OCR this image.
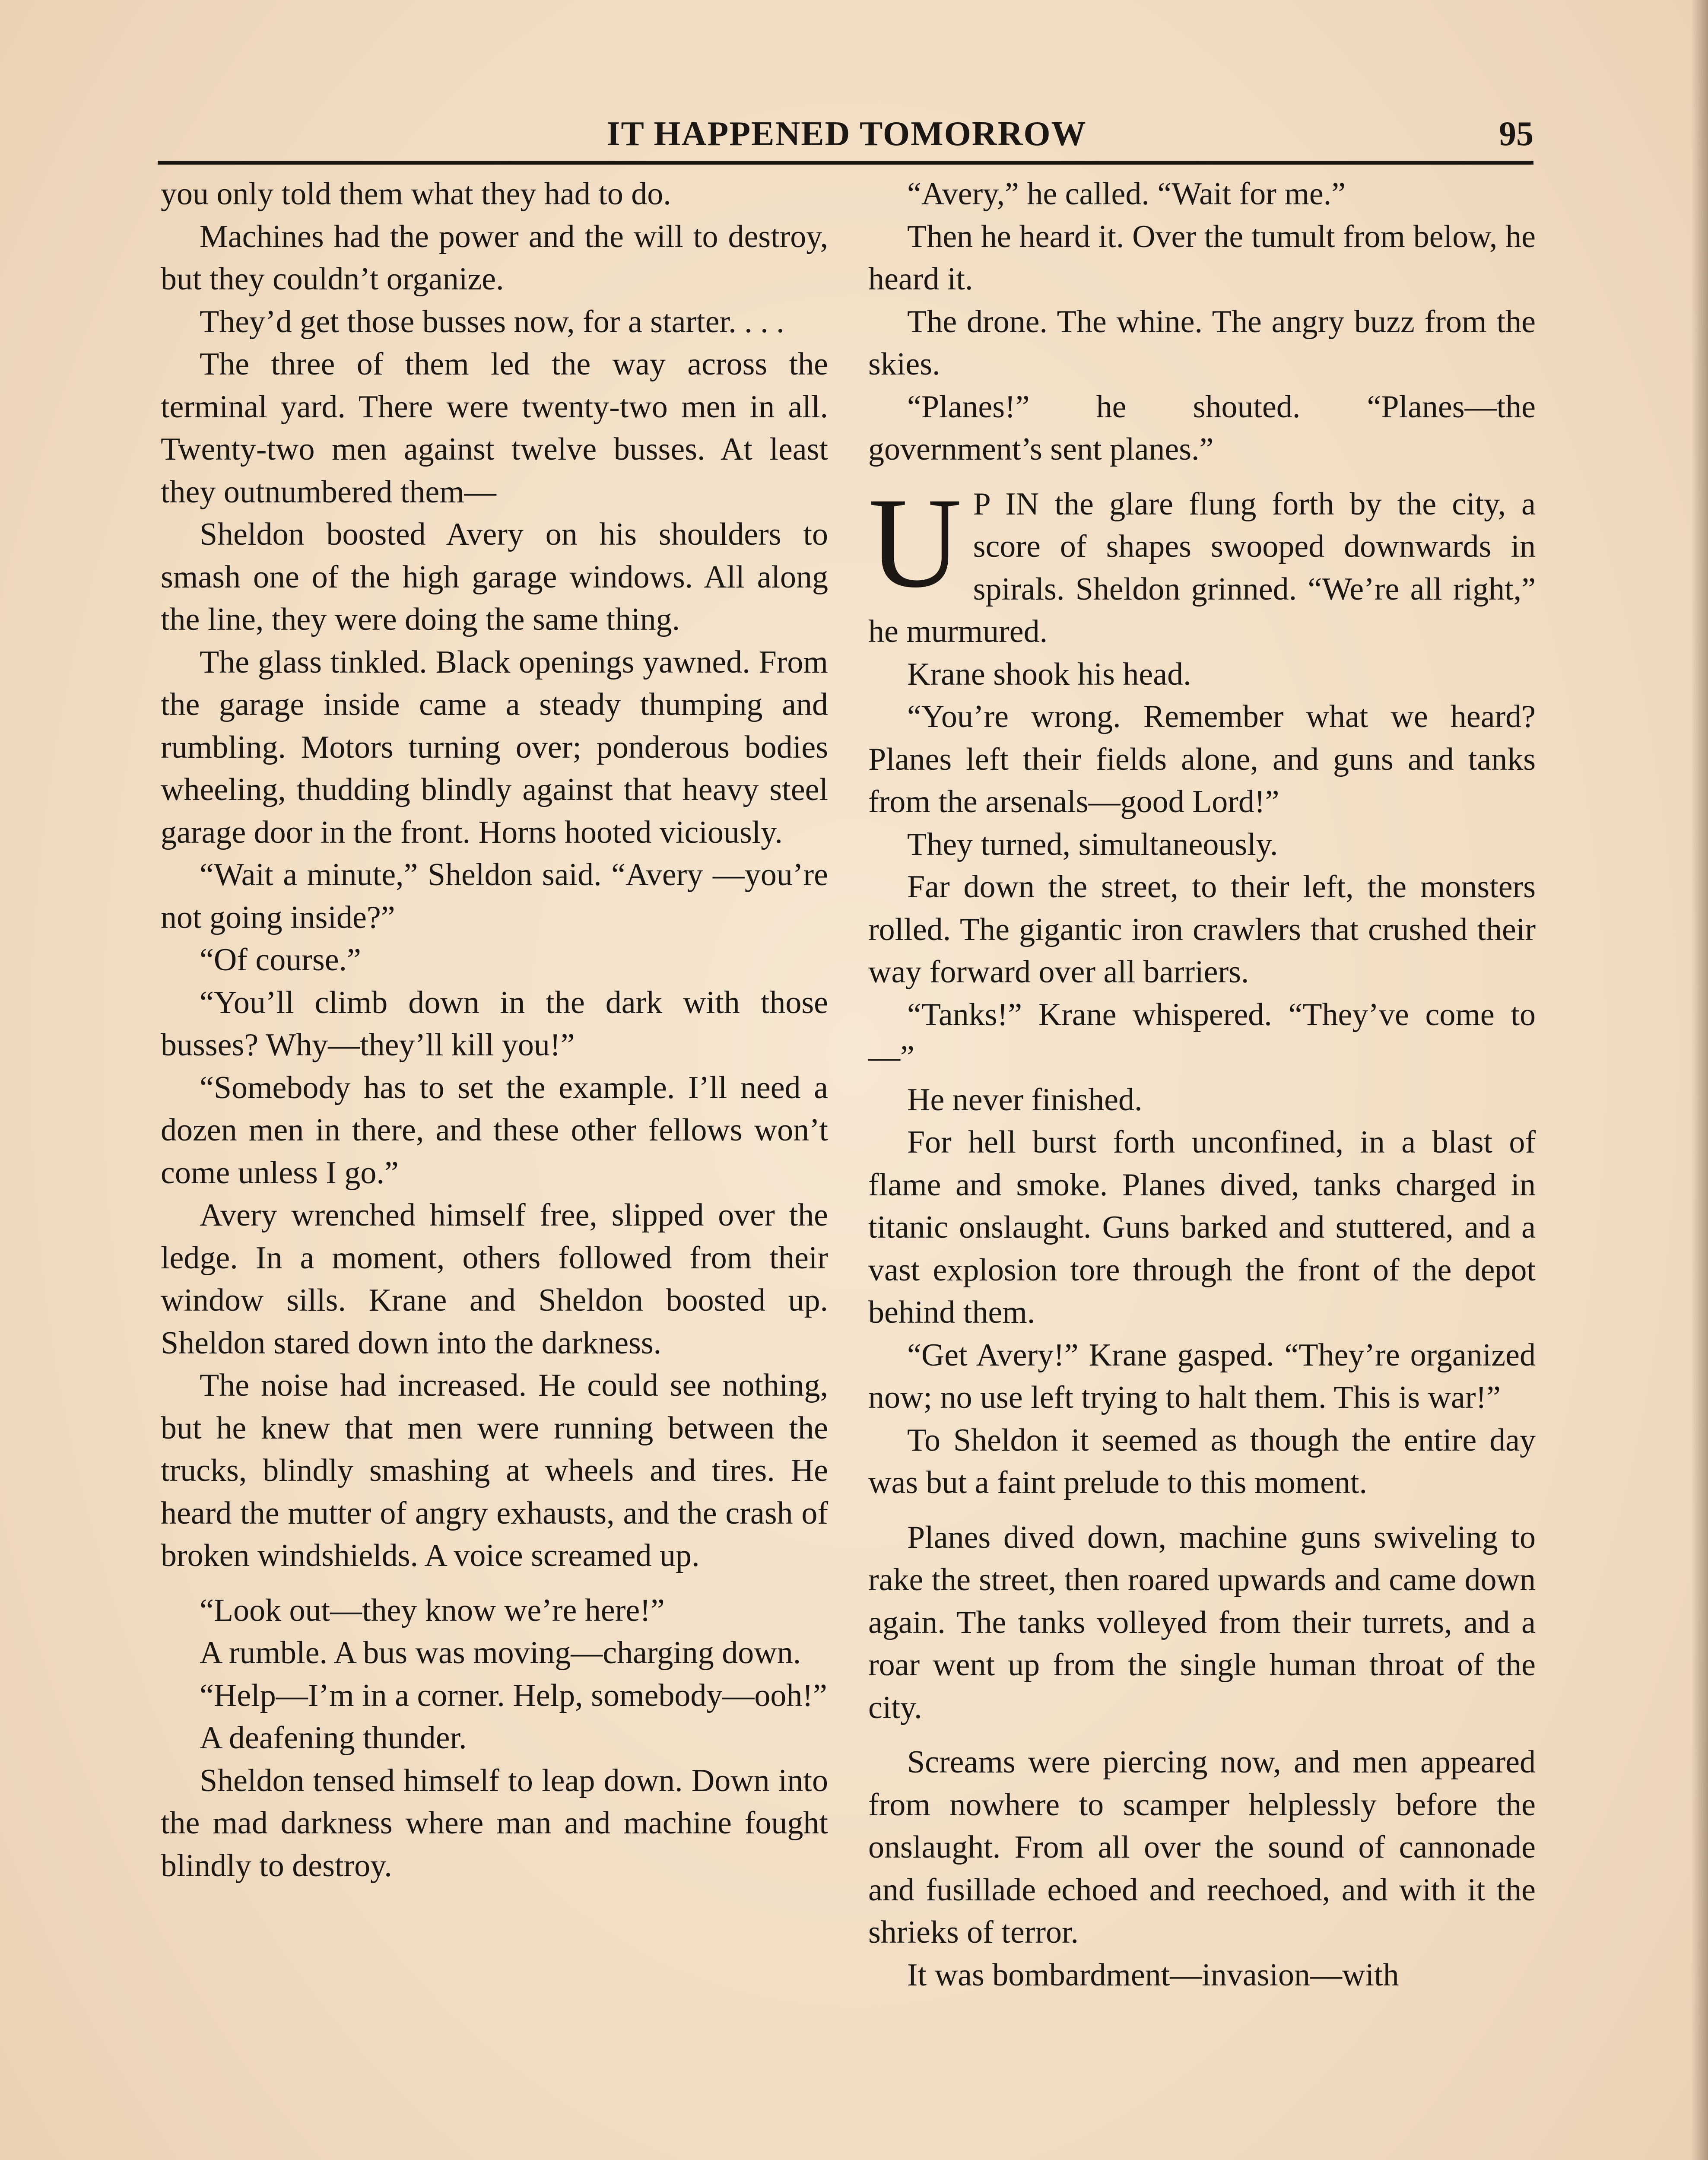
IT HAPPENED TOMORROW	95

you only told them what they had to do.

Machines had the power and the will to destroy, but they couldn’t organize.

They’d get those busses now, for a starter. . . .

The three of them led the way across the terminal yard. There were twenty-two men in all. Twenty-two men against twelve busses. At least they outnumbered them—

Sheldon boosted Avery on his shoulders to smash one of the high garage windows. All along the line, they were doing the same thing.

The glass tinkled. Black openings yawned. From the garage inside came a steady thumping and rumbling. Motors turning over; ponderous bodies wheeling, thudding blindly against that heavy steel garage door in the front. Horns hooted viciously.

“Wait a minute,” Sheldon said. “Avery —you’re not going inside?”

“Of course.”

“You’ll climb down in the dark with those busses? Why—they’ll kill you!”

“Somebody has to set the example. I’ll need a dozen men in there, and these other fellows won’t come unless I go.”

Avery wrenched himself free, slipped over the ledge. In a moment, others followed from their window sills. Krane and Sheldon boosted up. Sheldon stared down into the darkness.

The noise had increased. He could see nothing, but he knew that men were running between the trucks, blindly smashing at wheels and tires. He heard the mutter of angry exhausts, and the crash of broken windshields. A voice screamed up.

“Look out—they know we’re here!”

A rumble. A bus was moving—charging down.

“Help—I’m in a corner. Help, somebody—ooh!”

A deafening thunder.

Sheldon tensed himself to leap down. Down into the mad darkness where man and machine fought blindly to destroy.

“Avery,” he called. “Wait for me.”

Then he heard it. Over the tumult from below, he heard it.

The drone. The whine. The angry buzz from the skies.

“Planes!” he shouted. “Planes—the government’s sent planes.”

U P IN the glare flung forth by the city, a score of shapes swooped downwards in spirals. Sheldon grinned. “We’re all right,” he murmured.

Krane shook his head.

“You’re wrong. Remember what we heard? Planes left their fields alone, and guns and tanks from the arsenals—good Lord!”

They turned, simultaneously.

Far down the street, to their left, the monsters rolled. The gigantic iron crawlers that crushed their way forward over all barriers.

“Tanks!” Krane whispered. “They’ve come to—”

He never finished.

For hell burst forth unconfined, in a blast of flame and smoke. Planes dived, tanks charged in titanic onslaught. Guns barked and stuttered, and a vast explosion tore through the front of the depot behind them.

“Get Avery!” Krane gasped. “They’re organized now; no use left trying to halt them. This is war!”

To Sheldon it seemed as though the entire day was but a faint prelude to this moment.

Planes dived down, machine guns swiveling to rake the street, then roared upwards and came down again. The tanks volleyed from their turrets, and a roar went up from the single human throat of the city.

Screams were piercing now, and men appeared from nowhere to scamper helplessly before the onslaught. From all over the sound of cannonade and fusillade echoed and reechoed, and with it the shrieks of terror.

It was bombardment—invasion—with
